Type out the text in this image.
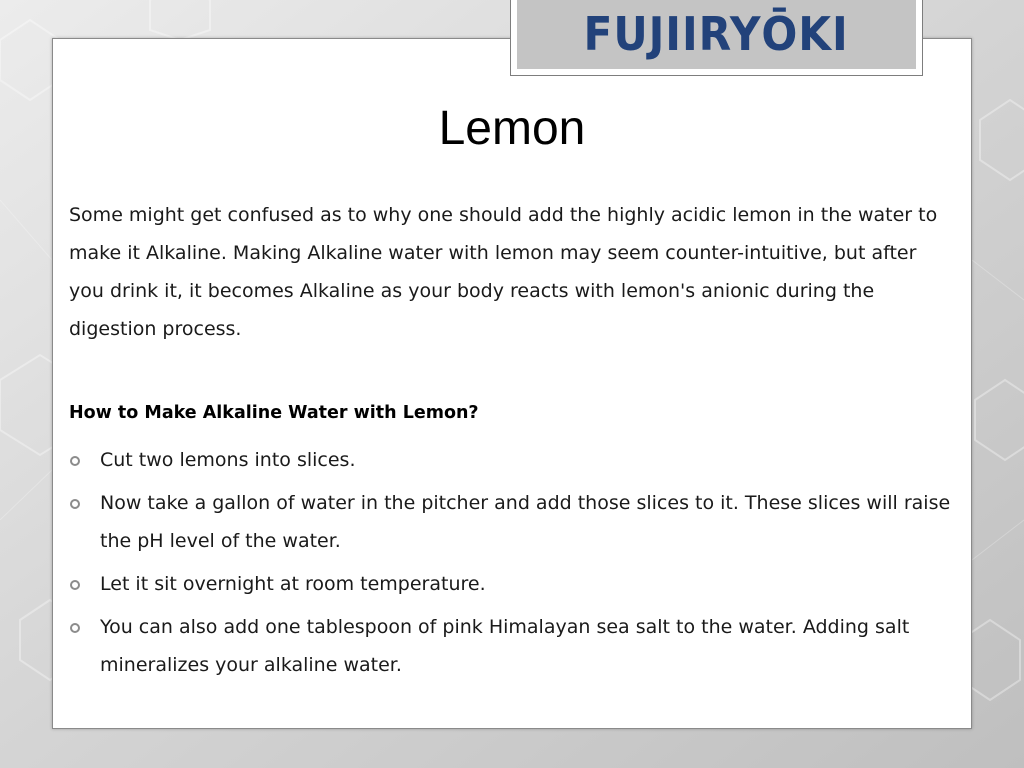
FUJIIRYŌKI
Lemon

Some might get confused as to why one should add the highly acidic lemon in the water to make it Alkaline. Making Alkaline water with lemon may seem counter-intuitive, but after you drink it, it becomes Alkaline as your body reacts with lemon's anionic during the digestion process.

How to Make Alkaline Water with Lemon?

Cut two lemons into slices.
Now take a gallon of water in the pitcher and add those slices to it. These slices will raise the pH level of the water.
Let it sit overnight at room temperature.
You can also add one tablespoon of pink Himalayan sea salt to the water. Adding salt mineralizes your alkaline water.
